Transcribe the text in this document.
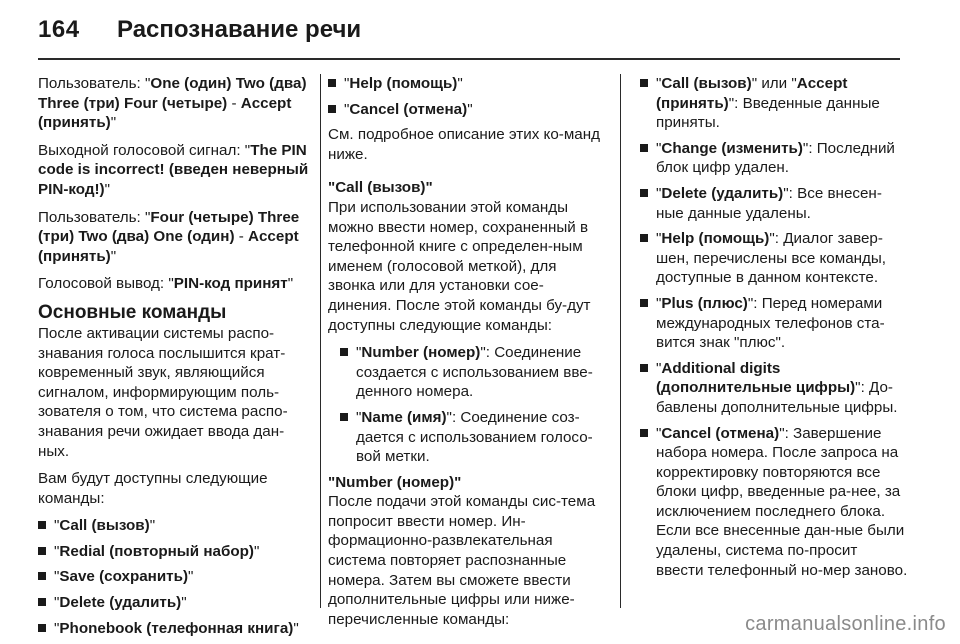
164 Распознавание речи

Пользователь: "One (один) Two (два) Three (три) Four (четыре) - Accept (принять)"

Выходной голосовой сигнал: "The PIN code is incorrect! (введен неверный PIN-код!)"

Пользователь: "Four (четыре) Three (три) Two (два) One (один) - Accept (принять)"

Голосовой вывод: "PIN-код принят"

Основные команды

После активации системы распо-знавания голоса послышится крат-ковременный звук, являющийся сигналом, информирующим поль-зователя о том, что система распо-знавания речи ожидает ввода дан-ных.

Вам будут доступны следующие команды:

"Call (вызов)"
"Redial (повторный набор)"
"Save (сохранить)"
"Delete (удалить)"
"Phonebook (телефонная книга)"
"Help (помощь)"
"Cancel (отмена)"

См. подробное описание этих ко-манд ниже.

"Call (вызов)"

При использовании этой команды можно ввести номер, сохраненный в телефонной книге с определен-ным именем (голосовой меткой), для звонка или для установки сое-динения. После этой команды бу-дут доступны следующие команды:

"Number (номер)": Соединение создается с использованием вве-денного номера.
"Name (имя)": Соединение соз-дается с использованием голосо-вой метки.
"Number (номер)"

После подачи этой команды сис-тема попросит ввести номер. Ин-формационно-развлекательная система повторяет распознанные номера. Затем вы сможете ввести дополнительные цифры или ниже-перечисленные команды:

"Call (вызов)" или "Accept (принять)": Введенные данные приняты.
"Change (изменить)": Последний блок цифр удален.
"Delete (удалить)": Все внесен-ные данные удалены.
"Help (помощь)": Диалог завер-шен, перечислены все команды, доступные в данном контексте.
"Plus (плюс)": Перед номерами международных телефонов ста-вится знак "плюс".
"Additional digits (дополнительные цифры)": До-бавлены дополнительные цифры.
"Cancel (отмена)": Завершение набора номера. После запроса на корректировку повторяются все блоки цифр, введенные ра-нее, за исключением последнего блока. Если все внесенные дан-ные были удалены, система по-просит ввести телефонный но-мер заново.
carmanualsonline.info
